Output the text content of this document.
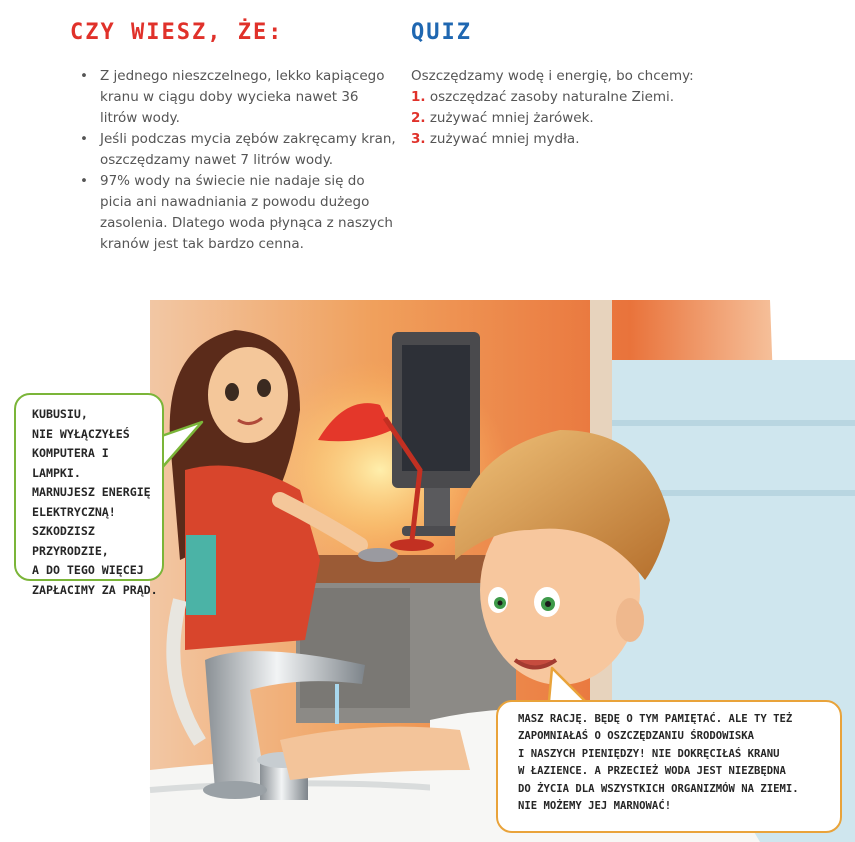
CZY WIESZ, ŻE:	QUIZ
• Z jednego nieszczelnego, lekko kapiącego kranu w ciągu doby wycieka nawet 36 litrów wody.
• Jeśli podczas mycia zębów zakręcamy kran, oszczędzamy nawet 7 litrów wody.
• 97% wody na świecie nie nadaje się do picia ani nawadniania z powodu dużego zasolenia. Dlatego woda płynąca z naszych kranów jest tak bardzo cenna.

Oszczędzamy wodę i energię, bo chcemy:

1. oszczędzać zasoby naturalne Ziemi.
2. zużywać mniej żarówek.
3. zużywać mniej mydła.
KUBUSIU,
NIE WYŁĄCZYŁEŚ
KOMPUTERA I LAMPKI.
MARNUJESZ ENERGIĘ
ELEKTRYCZNĄ!
SZKODZISZ
PRZYRODZIE,
A DO TEGO WIĘCEJ
ZAPŁACIMY ZA PRĄD.
MASZ RACJĘ. BĘDĘ O TYM PAMIĘTAĆ. ALE TY TEŻ
ZAPOMNIAŁAŚ O OSZCZĘDZANIU ŚRODOWISKA
I NASZYCH PIENIĘDZY! NIE DOKRĘCIŁAŚ KRANU
W ŁAZIENCE. A PRZECIEŻ WODA JEST NIEZBĘDNA
DO ŻYCIA DLA WSZYSTKICH ORGANIZMÓW NA ZIEMI.
NIE MOŻEMY JEJ MARNOWAĆ!
